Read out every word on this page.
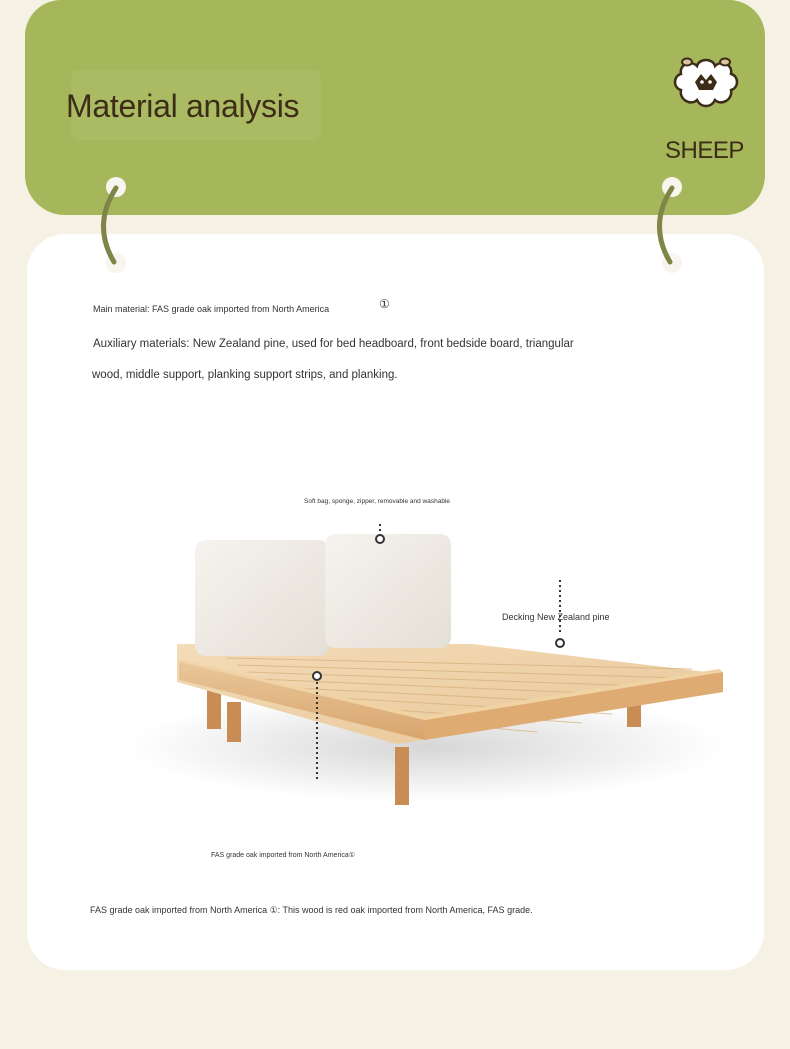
Material analysis
SHEEP
Main material: FAS grade oak imported from North America	①
Auxiliary materials: New Zealand pine, used for bed headboard, front bedside board, triangular
wood, middle support, planking support strips, and planking.
Soft bag, sponge, zipper, removable and washable
Decking New Zealand pine
FAS grade oak imported from North America①
FAS grade oak imported from North America ①: This wood is red oak imported from North America, FAS grade.
